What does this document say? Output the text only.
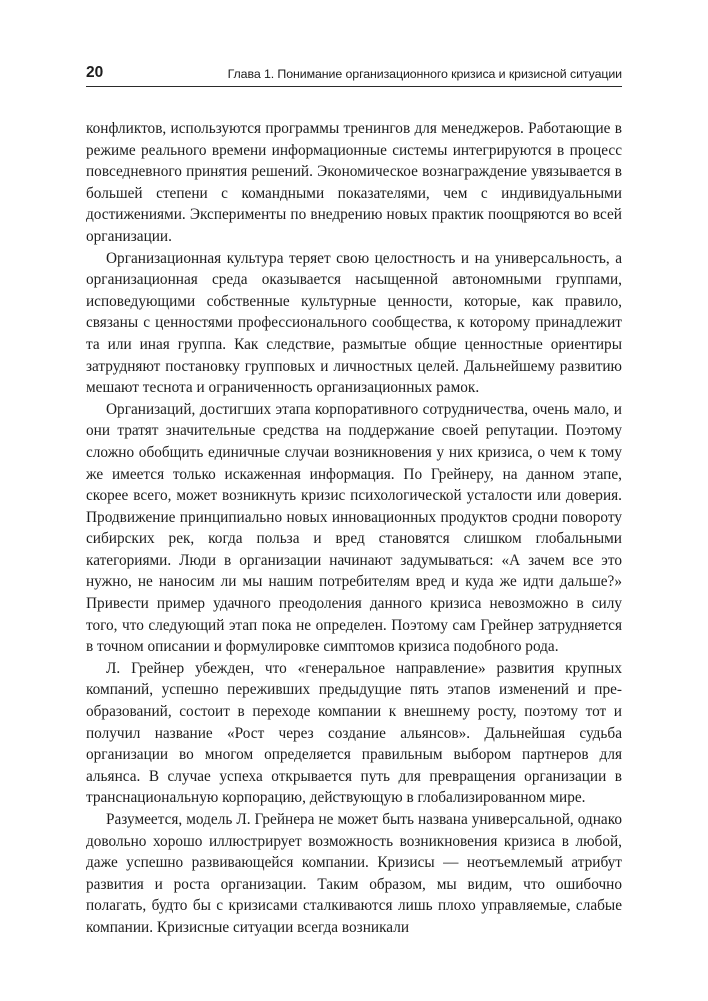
20	Глава 1. Понимание организационного кризиса и кризисной ситуации

конфликтов, используются программы тренингов для менеджеров. Работающие в режиме реального времени информационные системы интегрируются в процесс повседневного принятия решений. Экономическое вознаграждение увязывается в большей степени с командными показателями, чем с индивидуальными достижениями. Эксперименты по внедрению новых практик поощряются во всей организации.

Организационная культура теряет свою целостность и на универсальность, а организационная среда оказывается насыщенной автономными группами, исповедующими собственные культурные ценности, которые, как правило, связаны с ценностями профессионального сообщества, к которому принадлежит та или иная группа. Как следствие, размытые общие ценностные ориентиры затрудняют постановку групповых и личностных целей. Дальнейшему развитию мешают теснота и ограниченность организационных рамок.

Организаций, достигших этапа корпоративного сотрудничества, очень мало, и они тратят значительные средства на поддержание своей репутации. Поэтому сложно обобщить единичные случаи возникновения у них кризиса, о чем к тому же имеется только искаженная информация. По Грейнеру, на данном этапе, скорее всего, может возникнуть кризис психологической усталости или доверия. Продвижение принципиально новых инновационных продуктов сродни повороту сибирских рек, когда польза и вред становятся слишком глобальными категориями. Люди в организации начинают задумываться: «А зачем все это нужно, не наносим ли мы нашим потребителям вред и куда же идти дальше?» Привести пример удачного преодоления данного кризиса невозможно в силу того, что следующий этап пока не определен. Поэтому сам Грейнер затрудняется в точном описании и формулировке симптомов кризиса подобного рода.

Л. Грейнер убежден, что «генеральное направление» развития крупных компаний, успешно переживших предыдущие пять этапов изменений и преобразований, состоит в переходе компании к внешнему росту, поэтому тот и получил название «Рост через создание альянсов». Дальнейшая судьба организации во многом определяется правильным выбором партнеров для альянса. В случае успеха открывается путь для превращения организации в транснациональную корпорацию, действующую в глобализированном мире.

Разумеется, модель Л. Грейнера не может быть названа универсальной, однако довольно хорошо иллюстрирует возможность возникновения кризиса в любой, даже успешно развивающейся компании. Кризисы — неотъемлемый атрибут развития и роста организации. Таким образом, мы видим, что ошибочно полагать, будто бы с кризисами сталкиваются лишь плохо управляемые, слабые компании. Кризисные ситуации всегда возникали
